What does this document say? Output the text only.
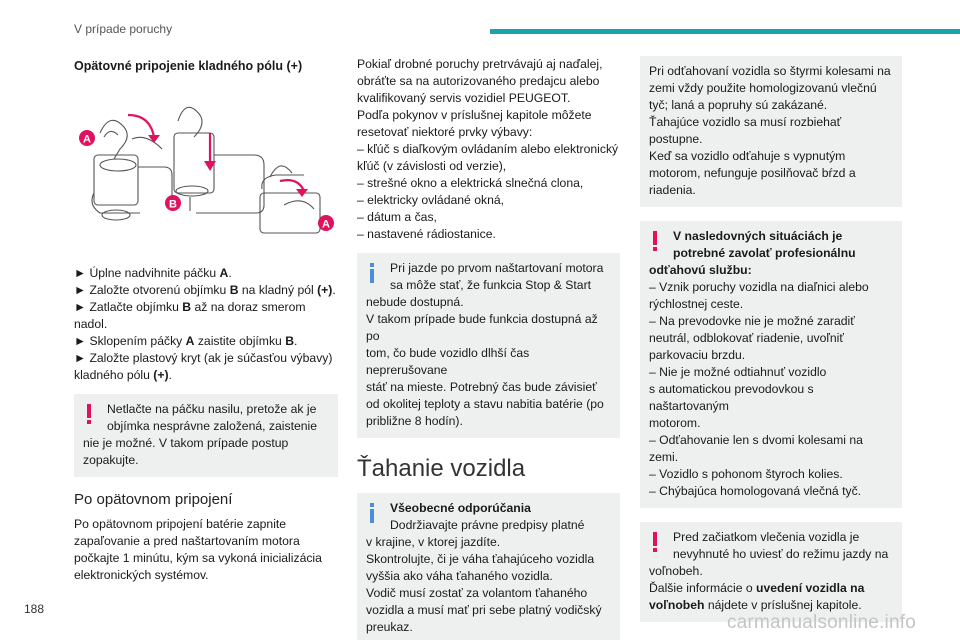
V prípade poruchy
Opätovné pripojenie kladného pólu (+)
A
B
A

► Úplne nadvihnite páčku A.

► Založte otvorenú objímku B na kladný pól (+).

► Zatlačte objímku B až na doraz smerom nadol.

► Sklopením páčky A zaistite objímku B.

► Založte plastový kryt (ak je súčasťou výbavy) kladného pólu (+).

Netlačte na páčku nasilu, pretože ak je

objímka nesprávne založená, zaistenie

nie je možné. V takom prípade postup

zopakujte.

Po opätovnom pripojení

Po opätovnom pripojení batérie zapnite

zapaľovanie a pred naštartovaním motora

počkajte 1 minútu, kým sa vykoná inicializácia

elektronických systémov.

Pokiaľ drobné poruchy pretrvávajú aj naďalej,

obráťte sa na autorizovaného predajcu alebo

kvalifikovaný servis vozidiel PEUGEOT.

Podľa pokynov v príslušnej kapitole môžete

resetovať niektoré prvky výbavy:

– kľúč s diaľkovým ovládaním alebo elektronický

kľúč (v závislosti od verzie),

– strešné okno a elektrická slnečná clona,

– elektricky ovládané okná,

– dátum a čas,

– nastavené rádiostanice.

Pri jazde po prvom naštartovaní motora

sa môže stať, že funkcia Stop & Start

nebude dostupná.

V takom prípade bude funkcia dostupná až po

tom, čo bude vozidlo dlhší čas neprerušovane

stáť na mieste. Potrebný čas bude závisieť

od okolitej teploty a stavu nabitia batérie (po

približne 8 hodín).

Ťahanie vozidla

Všeobecné odporúčania

Dodržiavajte právne predpisy platné

v krajine, v ktorej jazdíte.

Skontrolujte, či je váha ťahajúceho vozidla

vyššia ako váha ťahaného vozidla.

Vodič musí zostať za volantom ťahaného

vozidla a musí mať pri sebe platný vodičský

preukaz.

Pri odťahovaní vozidla so štyrmi kolesami na

zemi vždy použite homologizovanú vlečnú

tyč; laná a popruhy sú zakázané.

Ťahajúce vozidlo sa musí rozbiehať postupne.

Keď sa vozidlo odťahuje s vypnutým

motorom, nefunguje posilňovač bŕzd a

riadenia.

V nasledovných situáciách je

potrebné zavolať profesionálnu

odťahovú službu:

– Vznik poruchy vozidla na diaľnici alebo

rýchlostnej ceste.

– Na prevodovke nie je možné zaradiť

neutrál, odblokovať riadenie, uvoľniť

parkovaciu brzdu.

– Nie je možné odtiahnuť vozidlo

s automatickou prevodovkou s naštartovaným

motorom.

– Odťahovanie len s dvomi kolesami na

zemi.

– Vozidlo s pohonom štyroch kolies.

– Chýbajúca homologovaná vlečná tyč.

Pred začiatkom vlečenia vozidla je

nevyhnuté ho uviesť do režimu jazdy na

voľnobeh.

Ďalšie informácie o uvedení vozidla na voľnobeh nájdete v príslušnej kapitole.

188
carmanualsonline.info
